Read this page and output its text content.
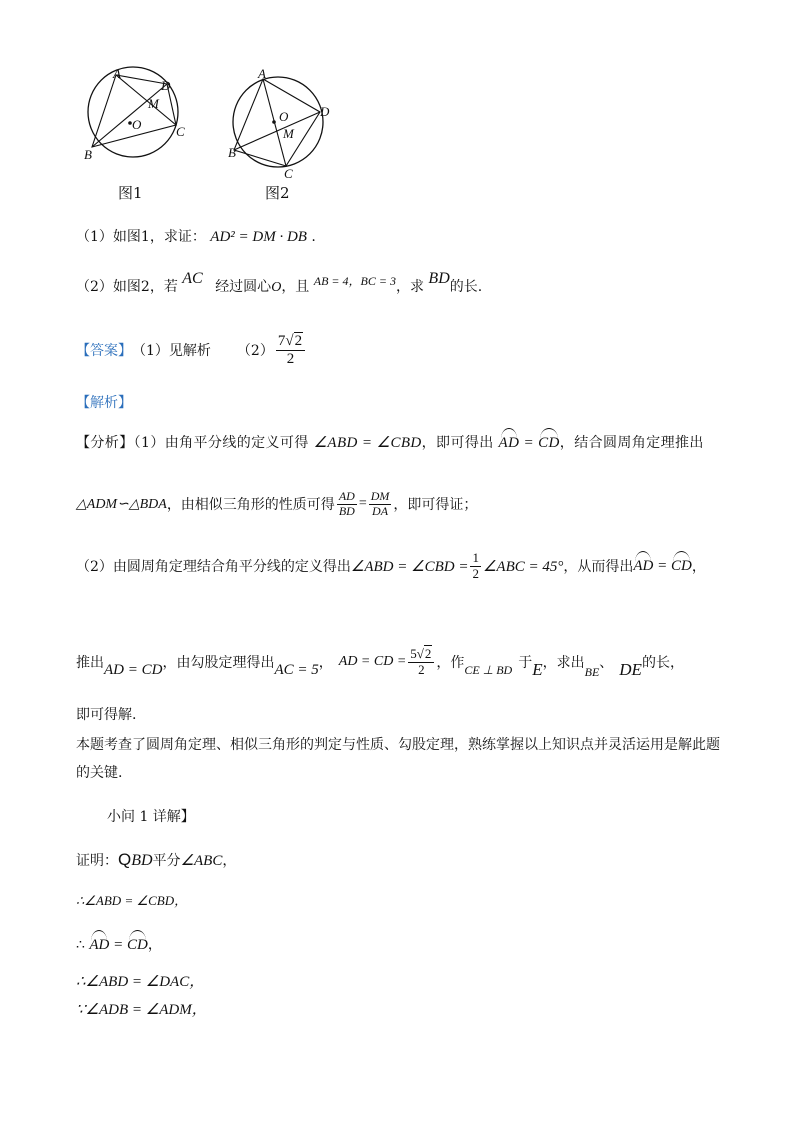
A
D
M
O	C
B
图1
A
D
O
M
B
C
图2
（1）如图1，求证： AD² = DM · DB .
（2）如图2，若 AC 经过圆心O，且 AB = 4，BC = 3，求 BD的长.
【答案】 （1）见解析 $(2) \frac{7√2}{2}$
【解析】
【分析】（1）由角平分线的定义可得 ∠ABD = ∠CBD，即可得出 AD = CD，结合圆周角定理推出
△ADM∽△BDA ，由相似三角形的性质可得 $\frac{AD}{BD} = \frac{DM}{DA}$ ，即可得证；
（2）由圆周角定理结合角平分线的定义得出 ∠ABD = ∠CBD = $\frac{1}{2}$ ∠ABC = 45° ，从而得出 AD = CD ，
推出 AD = CD ，由勾股定理得出 AC = 5 ， AD = CD = $\frac{5√2}{2}$ ，作 CE ⊥ BD 于 E ，求出
BE
、 DE 的长，
即可得解.
本题考查了圆周角定理、相似三角形的判定与性质、勾股定理，熟练掌握以上知识点并灵活运用是解此题
的关键.
小问 1 详解】
证明：QBD平分∠ABC，
∴∠ABD = ∠CBD，
∴ AD = CD，
∴∠ABD = ∠DAC，
∵∠ADB = ∠ADM，
